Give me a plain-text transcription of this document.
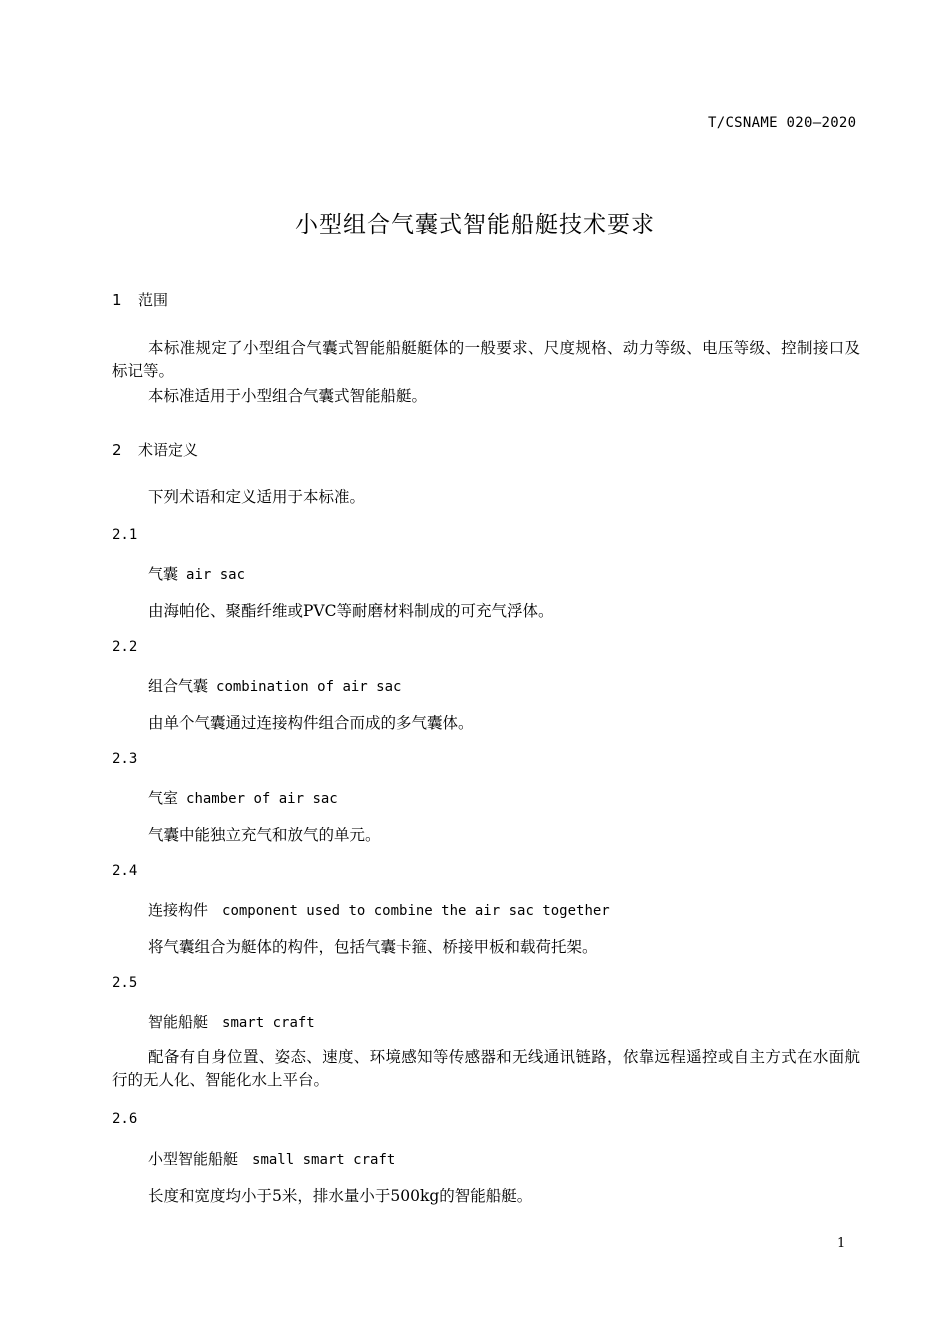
T/CSNAME 020—2020
小型组合气囊式智能船艇技术要求
1 范围
本标准规定了小型组合气囊式智能船艇艇体的一般要求、尺度规格、动力等级、电压等级、控制接口及标记等。
本标准适用于小型组合气囊式智能船艇。
2 术语定义
下列术语和定义适用于本标准。
2.1
气囊 air sac
由海帕伦、聚酯纤维或PVC等耐磨材料制成的可充气浮体。
2.2
组合气囊 combination of air sac
由单个气囊通过连接构件组合而成的多气囊体。
2.3
气室 chamber of air sac
气囊中能独立充气和放气的单元。
2.4
连接构件 component used to combine the air sac together
将气囊组合为艇体的构件，包括气囊卡箍、桥接甲板和载荷托架。
2.5
智能船艇 smart craft
配备有自身位置、姿态、速度、环境感知等传感器和无线通讯链路，依靠远程遥控或自主方式在水面航行的无人化、智能化水上平台。
2.6
小型智能船艇 small smart craft
长度和宽度均小于5米，排水量小于500kg的智能船艇。
1
